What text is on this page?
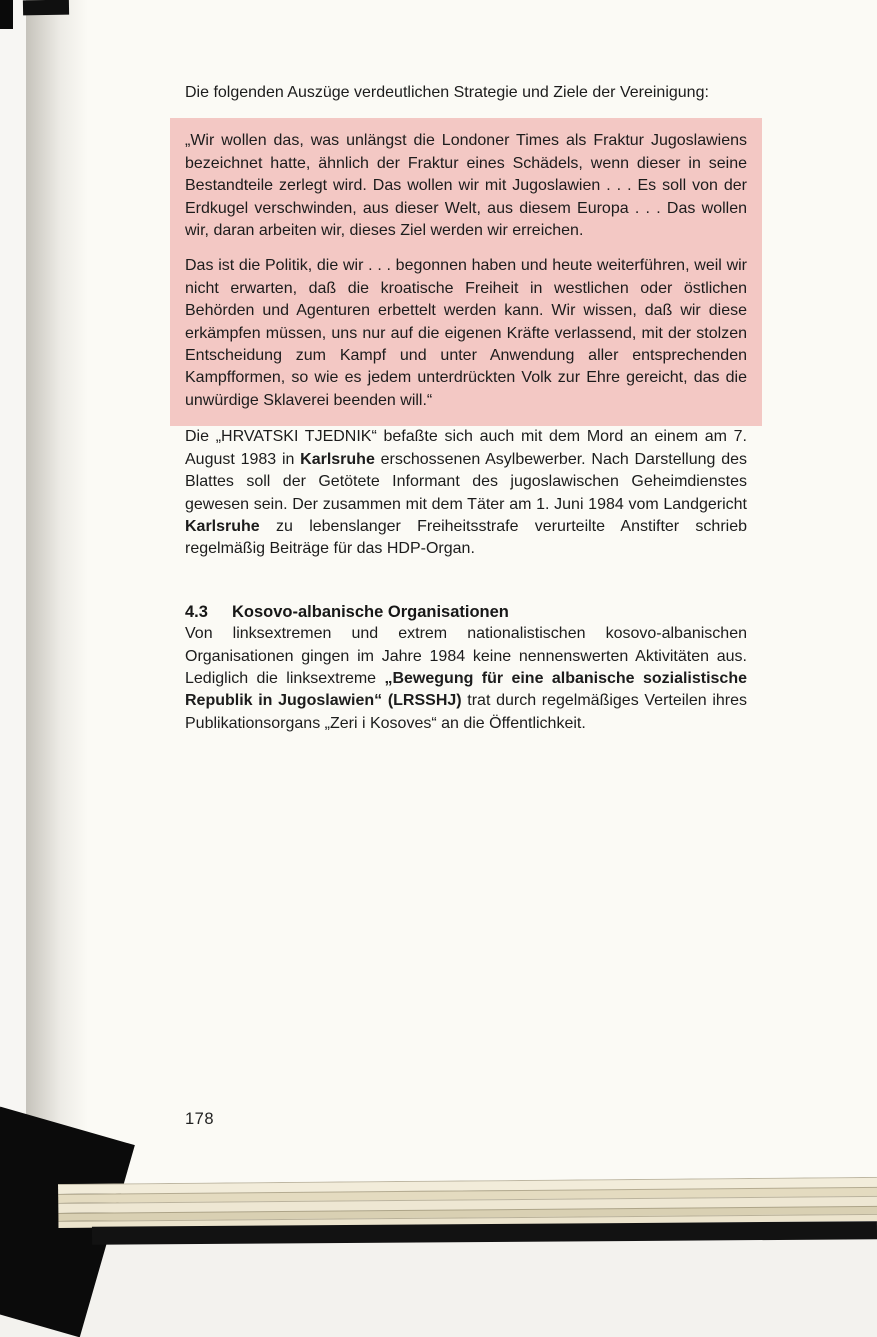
Die folgenden Auszüge verdeutlichen Strategie und Ziele der Vereinigung:

„Wir wollen das, was unlängst die Londoner Times als Fraktur Jugoslawiens bezeichnet hatte, ähnlich der Fraktur eines Schädels, wenn dieser in seine Bestandteile zerlegt wird. Das wollen wir mit Jugoslawien . . . Es soll von der Erdkugel verschwinden, aus dieser Welt, aus diesem Europa . . . Das wollen wir, daran arbeiten wir, dieses Ziel werden wir erreichen.

Das ist die Politik, die wir . . . begonnen haben und heute weiterführen, weil wir nicht erwarten, daß die kroatische Freiheit in westlichen oder östlichen Behörden und Agenturen erbettelt werden kann. Wir wissen, daß wir diese erkämpfen müssen, uns nur auf die eigenen Kräfte verlassend, mit der stolzen Entscheidung zum Kampf und unter Anwendung aller entsprechenden Kampfformen, so wie es jedem unterdrückten Volk zur Ehre gereicht, das die unwürdige Sklaverei beenden will.“

Die „HRVATSKI TJEDNIK“ befaßte sich auch mit dem Mord an einem am 7. August 1983 in Karlsruhe erschossenen Asylbewerber. Nach Darstellung des Blattes soll der Getötete Informant des jugoslawischen Geheimdienstes gewesen sein. Der zusammen mit dem Täter am 1. Juni 1984 vom Landgericht Karlsruhe zu lebenslanger Freiheitsstrafe verurteilte Anstifter schrieb regelmäßig Beiträge für das HDP-Organ.

4.3 Kosovo-albanische Organisationen

Von linksextremen und extrem nationalistischen kosovo-albanischen Organisationen gingen im Jahre 1984 keine nennenswerten Aktivitäten aus. Lediglich die linksextreme „Bewegung für eine albanische sozialistische Republik in Jugoslawien“ (LRSSHJ) trat durch regelmäßiges Verteilen ihres Publikationsorgans „Zeri i Kosoves“ an die Öffentlichkeit.

178
